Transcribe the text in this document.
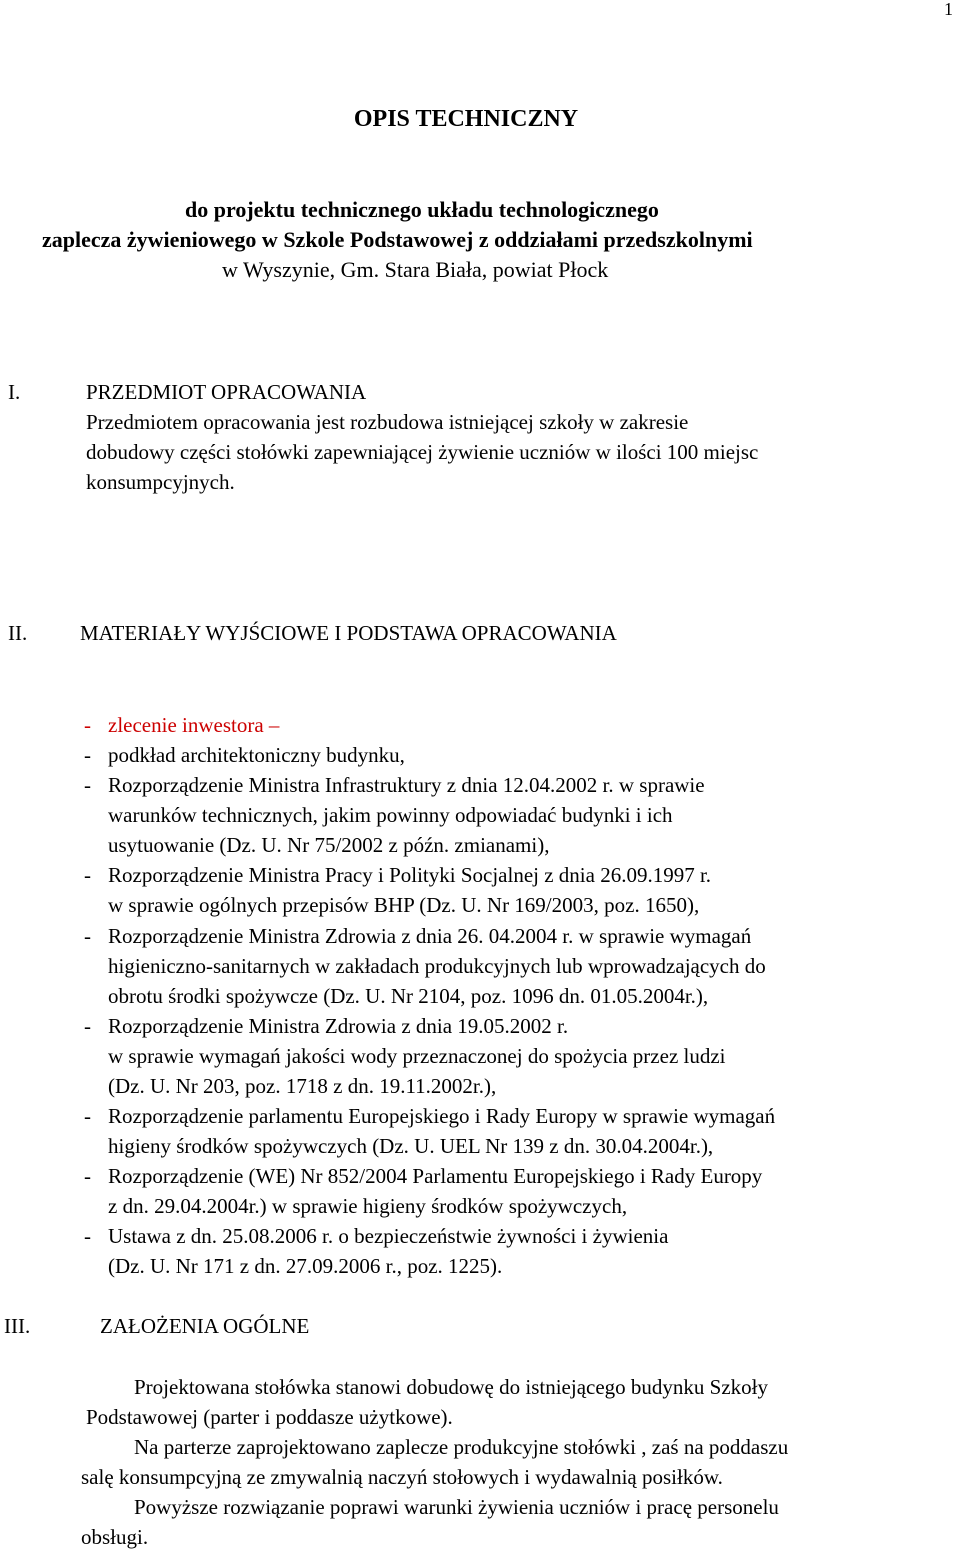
1
OPIS TECHNICZNY
do projektu technicznego układu technologicznego
zaplecza żywieniowego w Szkole Podstawowej z oddziałami przedszkolnymi
w Wyszynie, Gm. Stara Biała, powiat Płock
I.	PRZEDMIOT OPRACOWANIA
Przedmiotem opracowania jest rozbudowa istniejącej szkoły w zakresie
dobudowy części stołówki zapewniającej żywienie uczniów w ilości 100 miejsc
konsumpcyjnych.
II.	MATERIAŁY WYJŚCIOWE I PODSTAWA OPRACOWANIA
- zlecenie inwestora –
- podkład architektoniczny budynku,
- Rozporządzenie Ministra Infrastruktury z dnia 12.04.2002 r. w sprawie
warunków technicznych, jakim powinny odpowiadać budynki i ich
usytuowanie (Dz. U. Nr 75/2002 z późn. zmianami),
- Rozporządzenie Ministra Pracy i Polityki Socjalnej z dnia 26.09.1997 r.
w sprawie ogólnych przepisów BHP (Dz. U. Nr 169/2003, poz. 1650),
- Rozporządzenie Ministra Zdrowia z dnia 26. 04.2004 r. w sprawie wymagań
higieniczno-sanitarnych w zakładach produkcyjnych lub wprowadzających do
obrotu środki spożywcze (Dz. U. Nr 2104, poz. 1096 dn. 01.05.2004r.),
- Rozporządzenie Ministra Zdrowia z dnia 19.05.2002 r.
w sprawie wymagań jakości wody przeznaczonej do spożycia przez ludzi
(Dz. U. Nr 203, poz. 1718 z dn. 19.11.2002r.),
- Rozporządzenie parlamentu Europejskiego i Rady Europy w sprawie wymagań
higieny środków spożywczych (Dz. U. UEL Nr 139 z dn. 30.04.2004r.),
- Rozporządzenie (WE) Nr 852/2004 Parlamentu Europejskiego i Rady Europy
z dn. 29.04.2004r.) w sprawie higieny środków spożywczych,
- Ustawa z dn. 25.08.2006 r. o bezpieczeństwie żywności i żywienia
(Dz. U. Nr 171 z dn. 27.09.2006 r., poz. 1225).
III.	ZAŁOŻENIA OGÓLNE
Projektowana stołówka stanowi dobudowę do istniejącego budynku Szkoły
Podstawowej (parter i poddasze użytkowe).
Na parterze zaprojektowano zaplecze produkcyjne stołówki , zaś na poddaszu
salę konsumpcyjną ze zmywalnią naczyń stołowych i wydawalnią posiłków.
Powyższe rozwiązanie poprawi warunki żywienia uczniów i pracę personelu
obsługi.
